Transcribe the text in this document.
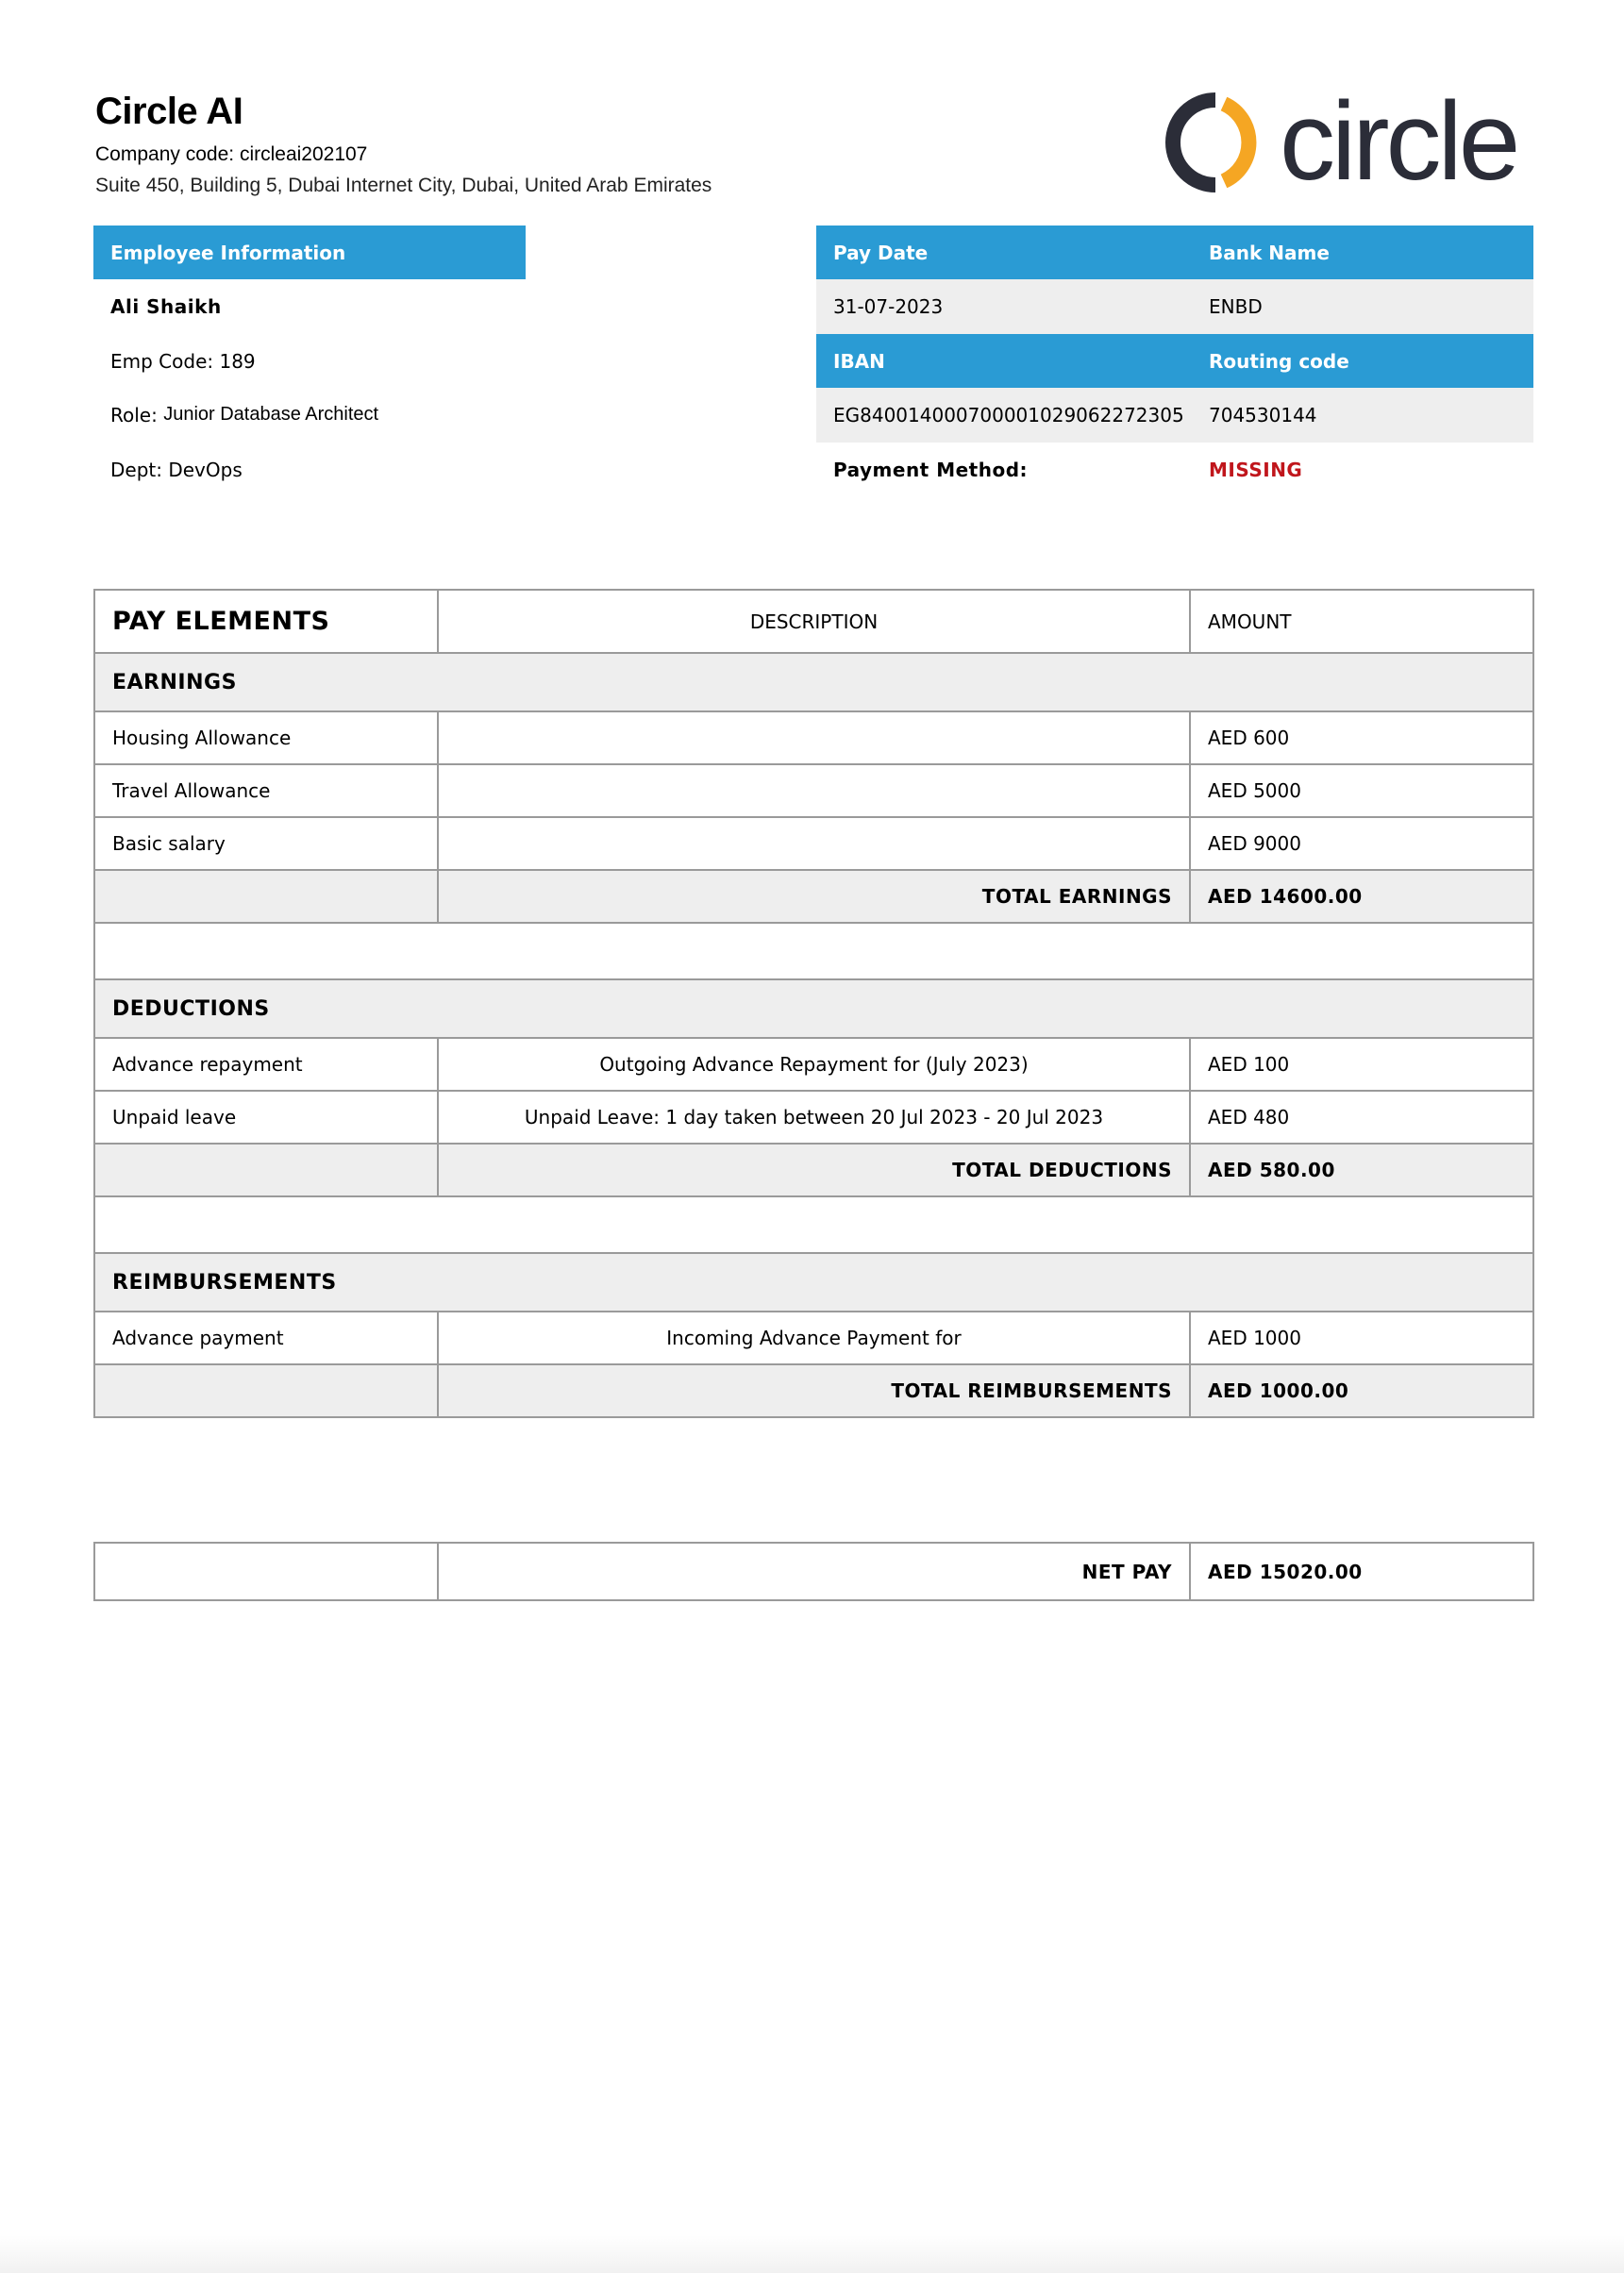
Circle AI
Company code: circleai202107
Suite 450, Building 5, Dubai Internet City, Dubai, United Arab Emirates	circle
Employee Information
Ali Shaikh
Emp Code: 189
Role:
Junior Database Architect
Dept: DevOps
Pay Date	Bank Name
31-07-2023	ENBD
IBAN	Routing code
EG840014000700001029062272305	704530144
Payment Method:	MISSING
PAY ELEMENTS	DESCRIPTION	AMOUNT
EARNINGS		
Housing Allowance		AED 600
Travel Allowance		AED 5000
Basic salary		AED 9000
	TOTAL EARNINGS	AED 14600.00

DEDUCTIONS		
Advance repayment	Outgoing Advance Repayment for (July 2023)	AED 100
Unpaid leave	Unpaid Leave: 1 day taken between 20 Jul 2023 - 20 Jul 2023	AED 480
	TOTAL DEDUCTIONS	AED 580.00

REIMBURSEMENTS		
Advance payment	Incoming Advance Payment for	AED 1000
	TOTAL REIMBURSEMENTS	AED 1000.00
	NET PAY	AED 15020.00
